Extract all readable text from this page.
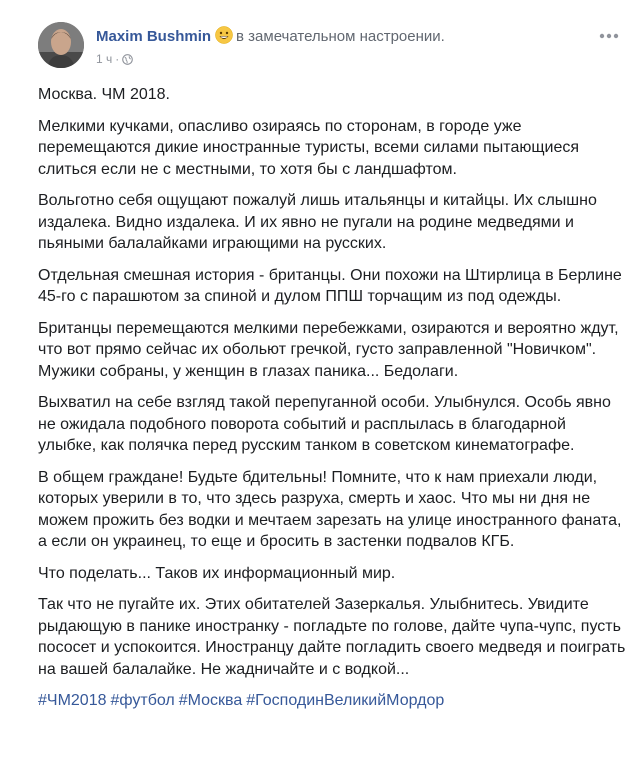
Maxim Bushmin в замечательном настроении.
1 ч ·

Москва. ЧМ 2018.

Мелкими кучками, опасливо озираясь по сторонам, в городе уже перемещаются дикие иностранные туристы, всеми силами пытающиеся слиться если не с местными, то хотя бы с ландшафтом.

Вольготно себя ощущают пожалуй лишь итальянцы и китайцы. Их слышно издалека. Видно издалека. И их явно не пугали на родине медведями и пьяными балалайками играющими на русских.

Отдельная смешная история - британцы. Они похожи на Штирлица в Берлине 45-го с парашютом за спиной и дулом ППШ торчащим из под одежды.

Британцы перемещаются мелкими перебежками, озираются и вероятно ждут, что вот прямо сейчас их обольют гречкой, густо заправленной "Новичком". Мужики собраны, у женщин в глазах паника... Бедолаги.

Выхватил на себе взгляд такой перепуганной особи. Улыбнулся. Особь явно не ожидала подобного поворота событий и расплылась в благодарной улыбке, как полячка перед русским танком в советском кинематографе.

В общем граждане! Будьте бдительны! Помните, что к нам приехали люди, которых уверили в то, что здесь разруха, смерть и хаос. Что мы ни дня не можем прожить без водки и мечтаем зарезать на улице иностранного фаната, а если он украинец, то еще и бросить в застенки подвалов КГБ.

Что поделать... Таков их информационный мир.

Так что не пугайте их. Этих обитателей Зазеркалья. Улыбнитесь. Увидите рыдающую в панике иностранку - погладьте по голове, дайте чупа-чупс, пусть пососет и успокоится. Иностранцу дайте погладить своего медведя и поиграть на вашей балалайке. Не жадничайте и с водкой...

#ЧМ2018 #футбол #Москва #ГосподинВеликийМордор
